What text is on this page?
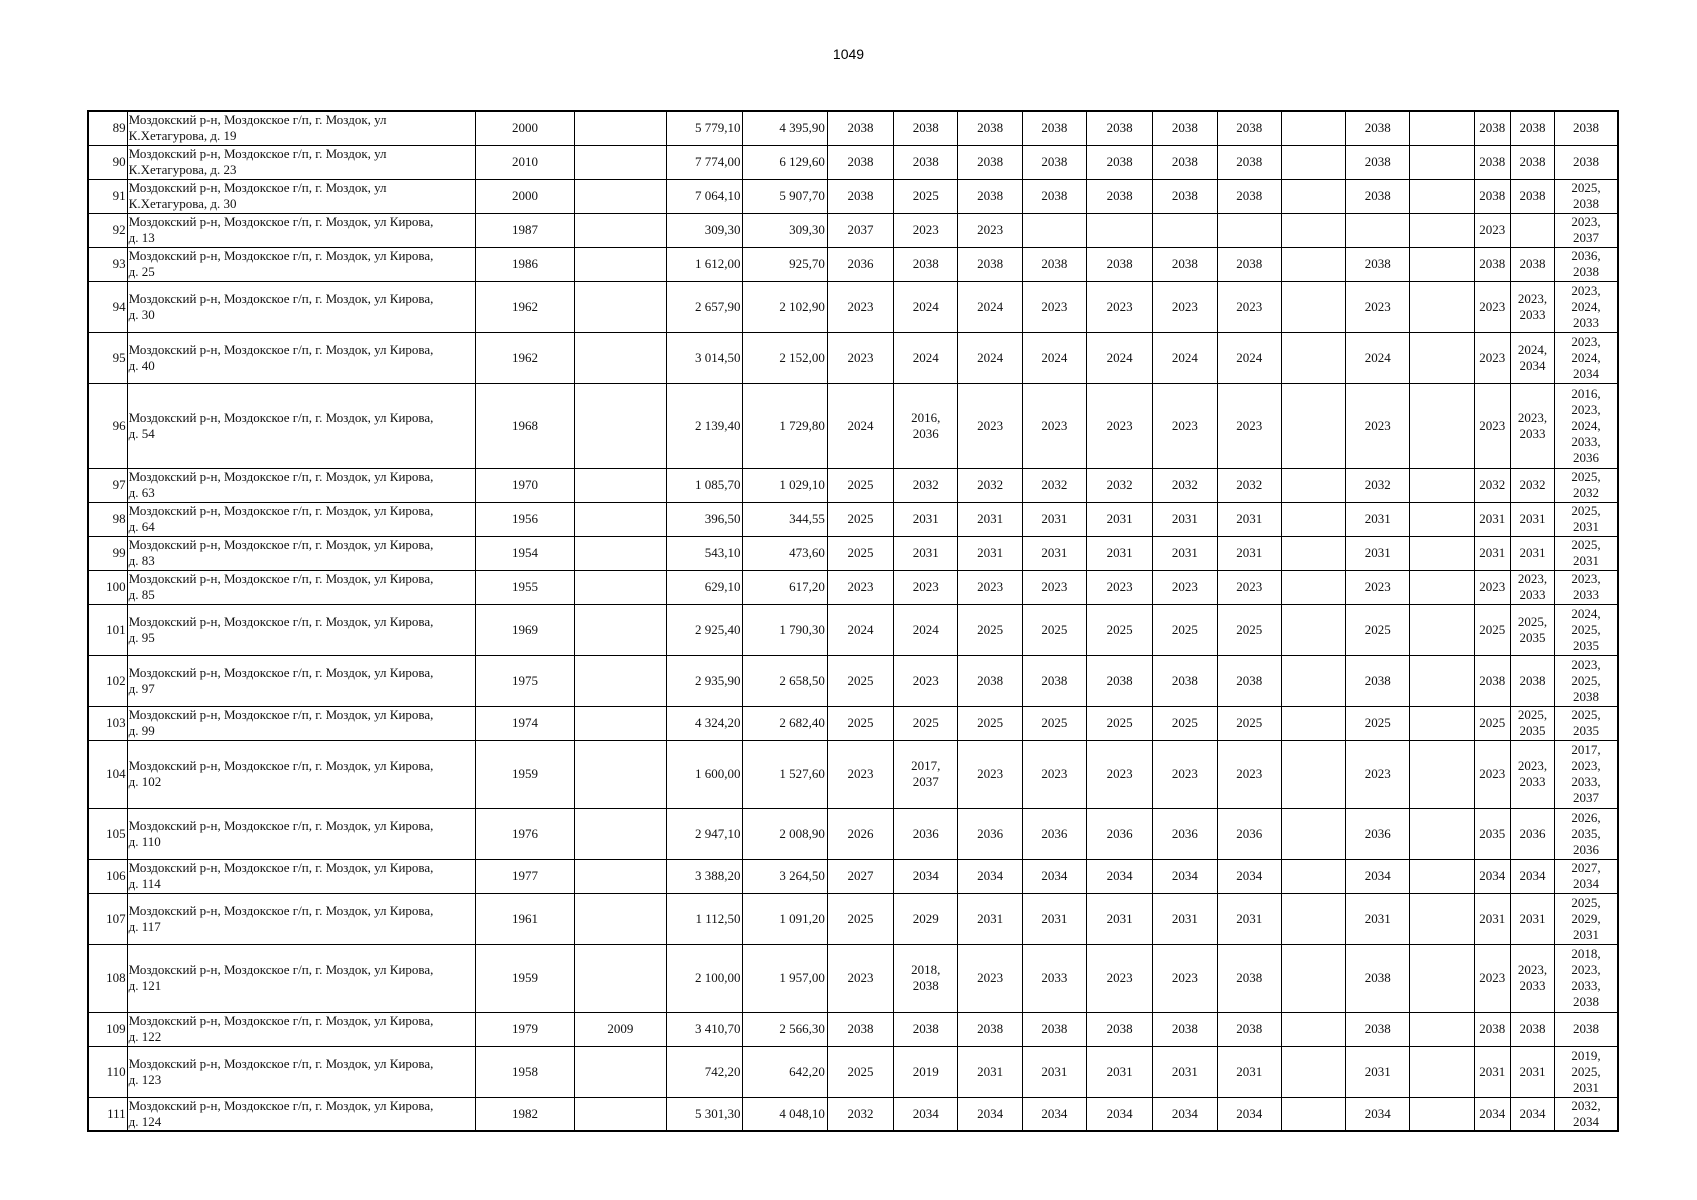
1049
89	Моздокский р-н, Моздокское г/п, г. Моздок, ул
К.Хетагурова, д. 19	2000		5 779,10	4 395,90	2038	2038	2038	2038	2038	2038	2038		2038		2038	2038	2038
90	Моздокский р-н, Моздокское г/п, г. Моздок, ул
К.Хетагурова, д. 23	2010		7 774,00	6 129,60	2038	2038	2038	2038	2038	2038	2038		2038		2038	2038	2038
91	Моздокский р-н, Моздокское г/п, г. Моздок, ул
К.Хетагурова, д. 30	2000		7 064,10	5 907,70	2038	2025	2038	2038	2038	2038	2038		2038		2038	2038	2025,
2038
92	Моздокский р-н, Моздокское г/п, г. Моздок, ул Кирова,
д. 13	1987		309,30	309,30	2037	2023	2023								2023		2023,
2037
93	Моздокский р-н, Моздокское г/п, г. Моздок, ул Кирова,
д. 25	1986		1 612,00	925,70	2036	2038	2038	2038	2038	2038	2038		2038		2038	2038	2036,
2038
94	Моздокский р-н, Моздокское г/п, г. Моздок, ул Кирова,
д. 30	1962		2 657,90	2 102,90	2023	2024	2024	2023	2023	2023	2023		2023		2023	2023,
2033	2023,
2024,
2033
95	Моздокский р-н, Моздокское г/п, г. Моздок, ул Кирова,
д. 40	1962		3 014,50	2 152,00	2023	2024	2024	2024	2024	2024	2024		2024		2023	2024,
2034	2023,
2024,
2034
96	Моздокский р-н, Моздокское г/п, г. Моздок, ул Кирова,
д. 54	1968		2 139,40	1 729,80	2024	2016,
2036	2023	2023	2023	2023	2023		2023		2023	2023,
2033	2016,
2023,
2024,
2033,
2036
97	Моздокский р-н, Моздокское г/п, г. Моздок, ул Кирова,
д. 63	1970		1 085,70	1 029,10	2025	2032	2032	2032	2032	2032	2032		2032		2032	2032	2025,
2032
98	Моздокский р-н, Моздокское г/п, г. Моздок, ул Кирова,
д. 64	1956		396,50	344,55	2025	2031	2031	2031	2031	2031	2031		2031		2031	2031	2025,
2031
99	Моздокский р-н, Моздокское г/п, г. Моздок, ул Кирова,
д. 83	1954		543,10	473,60	2025	2031	2031	2031	2031	2031	2031		2031		2031	2031	2025,
2031
100	Моздокский р-н, Моздокское г/п, г. Моздок, ул Кирова,
д. 85	1955		629,10	617,20	2023	2023	2023	2023	2023	2023	2023		2023		2023	2023,
2033	2023,
2033
101	Моздокский р-н, Моздокское г/п, г. Моздок, ул Кирова,
д. 95	1969		2 925,40	1 790,30	2024	2024	2025	2025	2025	2025	2025		2025		2025	2025,
2035	2024,
2025,
2035
102	Моздокский р-н, Моздокское г/п, г. Моздок, ул Кирова,
д. 97	1975		2 935,90	2 658,50	2025	2023	2038	2038	2038	2038	2038		2038		2038	2038	2023,
2025,
2038
103	Моздокский р-н, Моздокское г/п, г. Моздок, ул Кирова,
д. 99	1974		4 324,20	2 682,40	2025	2025	2025	2025	2025	2025	2025		2025		2025	2025,
2035	2025,
2035
104	Моздокский р-н, Моздокское г/п, г. Моздок, ул Кирова,
д. 102	1959		1 600,00	1 527,60	2023	2017,
2037	2023	2023	2023	2023	2023		2023		2023	2023,
2033	2017,
2023,
2033,
2037
105	Моздокский р-н, Моздокское г/п, г. Моздок, ул Кирова,
д. 110	1976		2 947,10	2 008,90	2026	2036	2036	2036	2036	2036	2036		2036		2035	2036	2026,
2035,
2036
106	Моздокский р-н, Моздокское г/п, г. Моздок, ул Кирова,
д. 114	1977		3 388,20	3 264,50	2027	2034	2034	2034	2034	2034	2034		2034		2034	2034	2027,
2034
107	Моздокский р-н, Моздокское г/п, г. Моздок, ул Кирова,
д. 117	1961		1 112,50	1 091,20	2025	2029	2031	2031	2031	2031	2031		2031		2031	2031	2025,
2029,
2031
108	Моздокский р-н, Моздокское г/п, г. Моздок, ул Кирова,
д. 121	1959		2 100,00	1 957,00	2023	2018,
2038	2023	2033	2023	2023	2038		2038		2023	2023,
2033	2018,
2023,
2033,
2038
109	Моздокский р-н, Моздокское г/п, г. Моздок, ул Кирова,
д. 122	1979	2009	3 410,70	2 566,30	2038	2038	2038	2038	2038	2038	2038		2038		2038	2038	2038
110	Моздокский р-н, Моздокское г/п, г. Моздок, ул Кирова,
д. 123	1958		742,20	642,20	2025	2019	2031	2031	2031	2031	2031		2031		2031	2031	2019,
2025,
2031
111	Моздокский р-н, Моздокское г/п, г. Моздок, ул Кирова,
д. 124	1982		5 301,30	4 048,10	2032	2034	2034	2034	2034	2034	2034		2034		2034	2034	2032,
2034
